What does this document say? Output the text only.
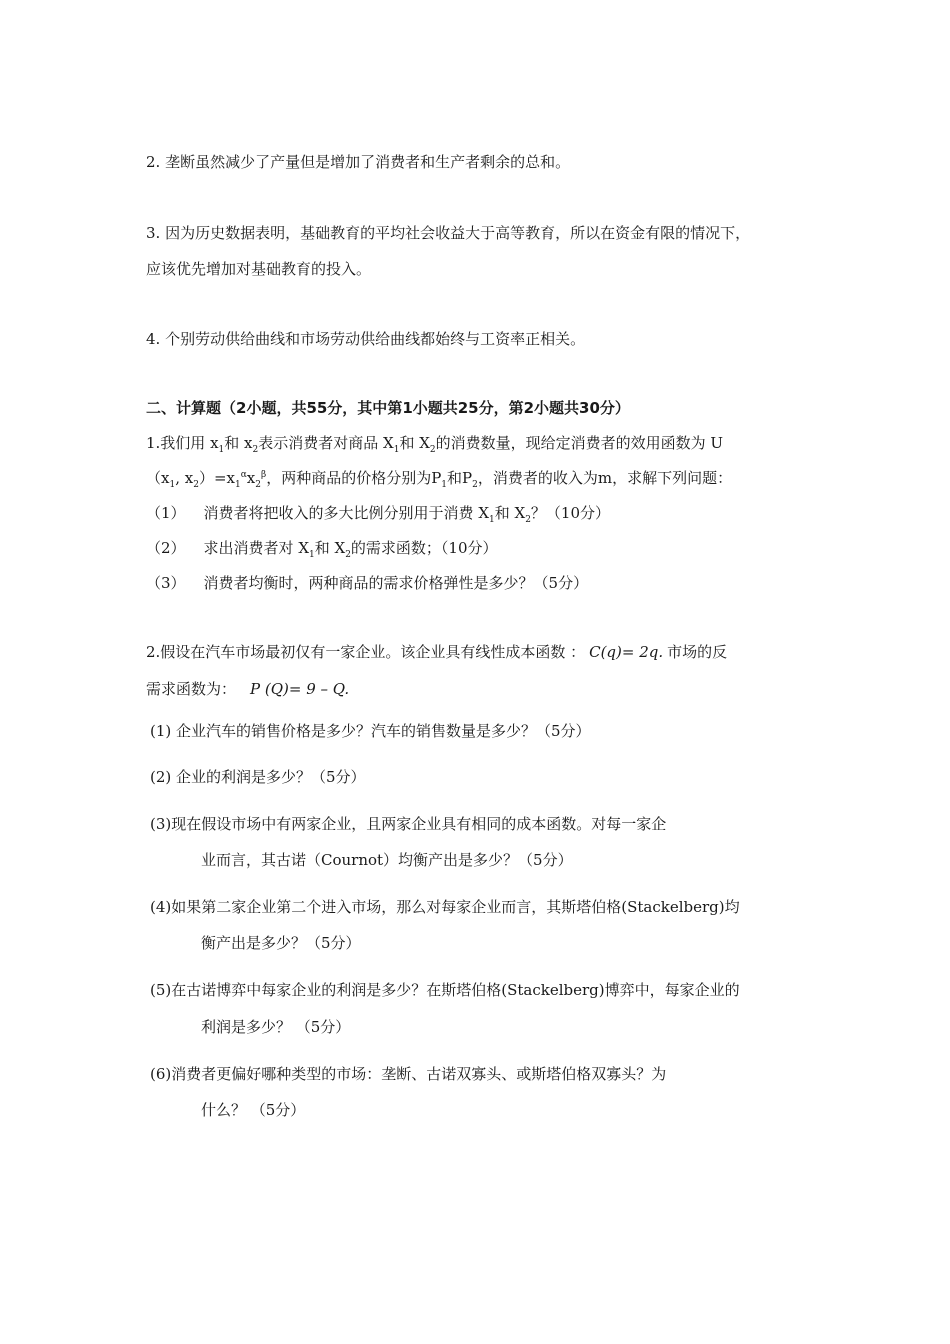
2. 垄断虽然减少了产量但是增加了消费者和生产者剩余的总和。
3. 因为历史数据表明，基础教育的平均社会收益大于高等教育，所以在资金有限的情况下，
应该优先增加对基础教育的投入。
4. 个别劳动供给曲线和市场劳动供给曲线都始终与工资率正相关。
二、计算题（2小题，共55分，其中第1小题共25分，第2小题共30分）
1.我们用 $x_1$和 $x_2$表示消费者对商品 $X_1$和 $X_2$的消费数量，现给定消费者的效用函数为 U
（$x_1$, $x_2)=x_1^\alpha x_2^\beta$，两种商品的价格分别为$P_1$和$P_2$，消费者的收入为m，求解下列问题：
（1） 消费者将把收入的多大比例分别用于消费 $X_1$和 $X_2$？（10分）
（2） 求出消费者对 $X_1$和 $X_2$的需求函数；（10分）
（3） 消费者均衡时，两种商品的需求价格弹性是多少？（5分）
2.假设在汽车市场最初仅有一家企业。该企业具有线性成本函数 ： C(q)= 2q. 市场的反
需求函数为： P (Q)= 9 – Q.
(1) 企业汽车的销售价格是多少？汽车的销售数量是多少？（5分）
(2) 企业的利润是多少？（5分）
(3)现在假设市场中有两家企业，且两家企业具有相同的成本函数。对每一家企
业而言，其古诺（Cournot）均衡产出是多少？（5分）
(4)如果第二家企业第二个进入市场，那么对每家企业而言，其斯塔伯格(Stackelberg)均
衡产出是多少？（5分）
(5)在古诺博弈中每家企业的利润是多少？在斯塔伯格(Stackelberg)博弈中，每家企业的
利润是多少？ （5分）
(6)消费者更偏好哪种类型的市场：垄断、古诺双寡头、或斯塔伯格双寡头？为
什么？ （5分）
